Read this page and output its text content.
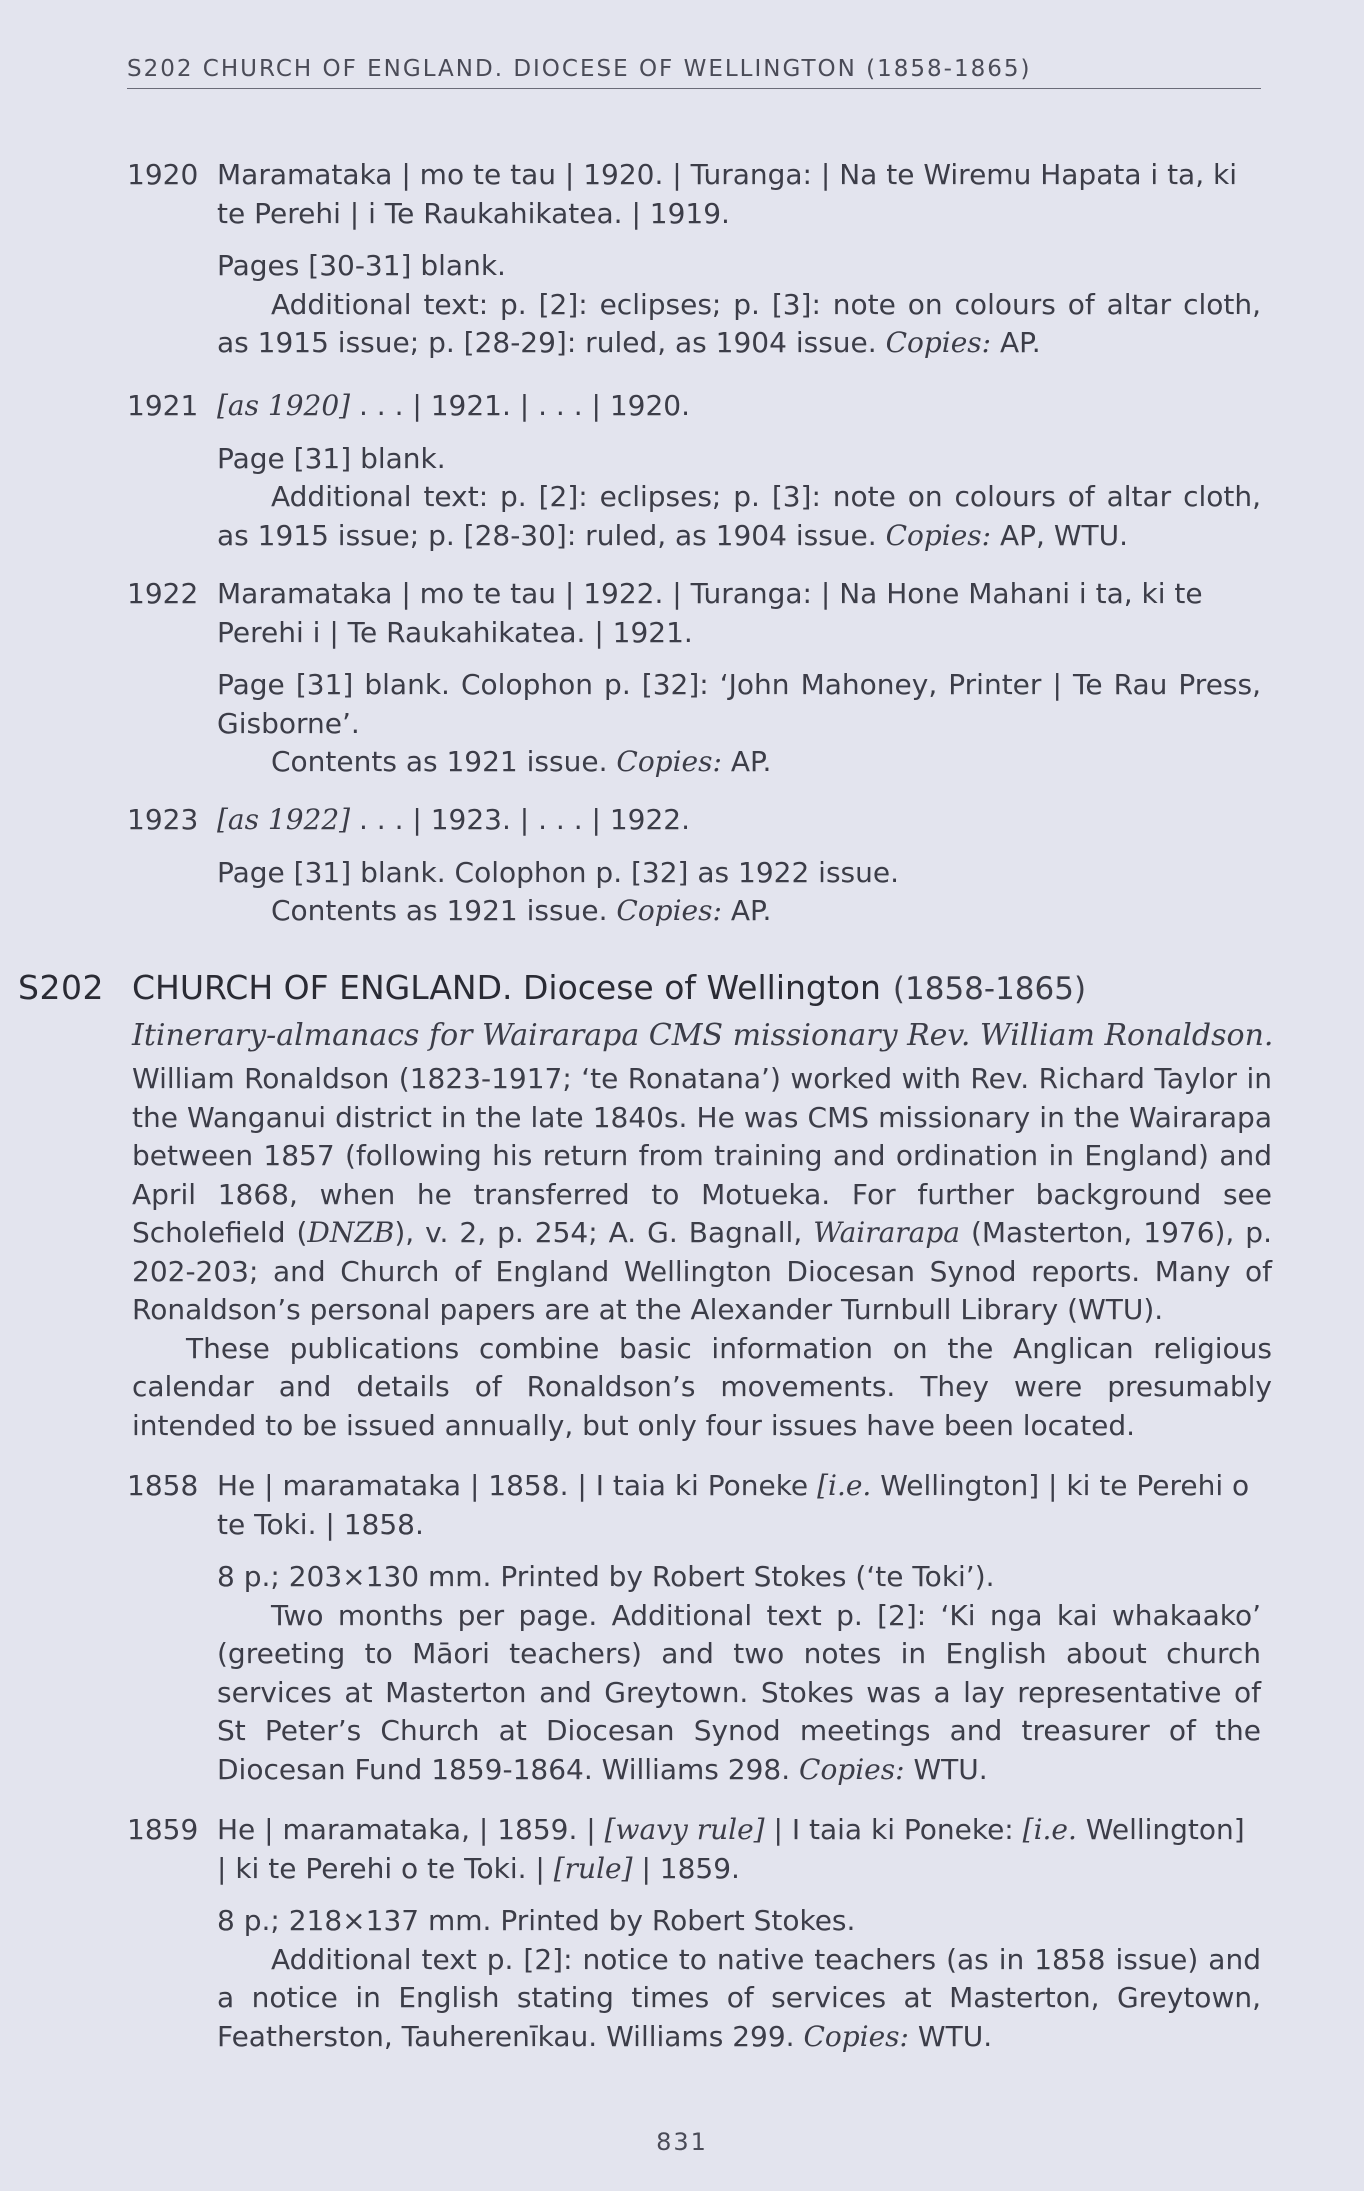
S202 CHURCH OF ENGLAND. DIOCESE OF WELLINGTON (1858-1865)
1920 Maramataka | mo te tau | 1920. | Turanga: | Na te Wiremu Hapata i ta, ki
te Perehi | i Te Raukahikatea. | 1919.

Pages [30-31] blank.

Additional text: p. [2]: eclipses; p. [3]: note on colours of altar cloth, as 1915 issue; p. [28-29]: ruled, as 1904 issue. Copies: AP.

1921 [as 1920] . . . | 1921. | . . . | 1920.

Page [31] blank.

Additional text: p. [2]: eclipses; p. [3]: note on colours of altar cloth, as 1915 issue; p. [28-30]: ruled, as 1904 issue. Copies: AP, WTU.

1922 Maramataka | mo te tau | 1922. | Turanga: | Na Hone Mahani i ta, ki te
Perehi i | Te Raukahikatea. | 1921.

Page [31] blank. Colophon p. [32]: ‘John Mahoney, Printer | Te Rau Press, Gisborne’.

Contents as 1921 issue. Copies: AP.

1923 [as 1922] . . . | 1923. | . . . | 1922.

Page [31] blank. Colophon p. [32] as 1922 issue.

Contents as 1921 issue. Copies: AP.

S202 CHURCH OF ENGLAND. Diocese of Wellington (1858-1865)
Itinerary-almanacs for Wairarapa CMS missionary Rev. William Ronaldson.

William Ronaldson (1823-1917; ‘te Ronatana’) worked with Rev. Richard Taylor in the Wanganui district in the late 1840s. He was CMS missionary in the Wairarapa between 1857 (following his return from training and ordination in England) and April 1868, when he transferred to Motueka. For further background see Scholefield (DNZB), v. 2, p. 254; A. G. Bagnall, Wairarapa (Masterton, 1976), p. 202-203; and Church of England Wellington Diocesan Synod reports. Many of Ronaldson’s personal papers are at the Alexander Turnbull Library (WTU).

These publications combine basic information on the Anglican religious calendar and details of Ronaldson’s movements. They were presumably intended to be issued annually, but only four issues have been located.

1858 He | maramataka | 1858. | I taia ki Poneke [i.e. Wellington] | ki te Perehi o te Toki. | 1858.

8 p.; 203×130 mm. Printed by Robert Stokes (‘te Toki’).

Two months per page. Additional text p. [2]: ‘Ki nga kai whakaako’ (greeting to Māori teachers) and two notes in English about church services at Masterton and Greytown. Stokes was a lay representative of St Peter’s Church at Diocesan Synod meetings and treasurer of the Diocesan Fund 1859-1864. Williams 298. Copies: WTU.

1859 He | maramataka, | 1859. | [wavy rule] | I taia ki Poneke: [i.e. Wellington] | ki te Perehi o te Toki. | [rule] | 1859.

8 p.; 218×137 mm. Printed by Robert Stokes.

Additional text p. [2]: notice to native teachers (as in 1858 issue) and a notice in English stating times of services at Masterton, Greytown, Featherston, Tauherenīkau. Williams 299. Copies: WTU.

831
